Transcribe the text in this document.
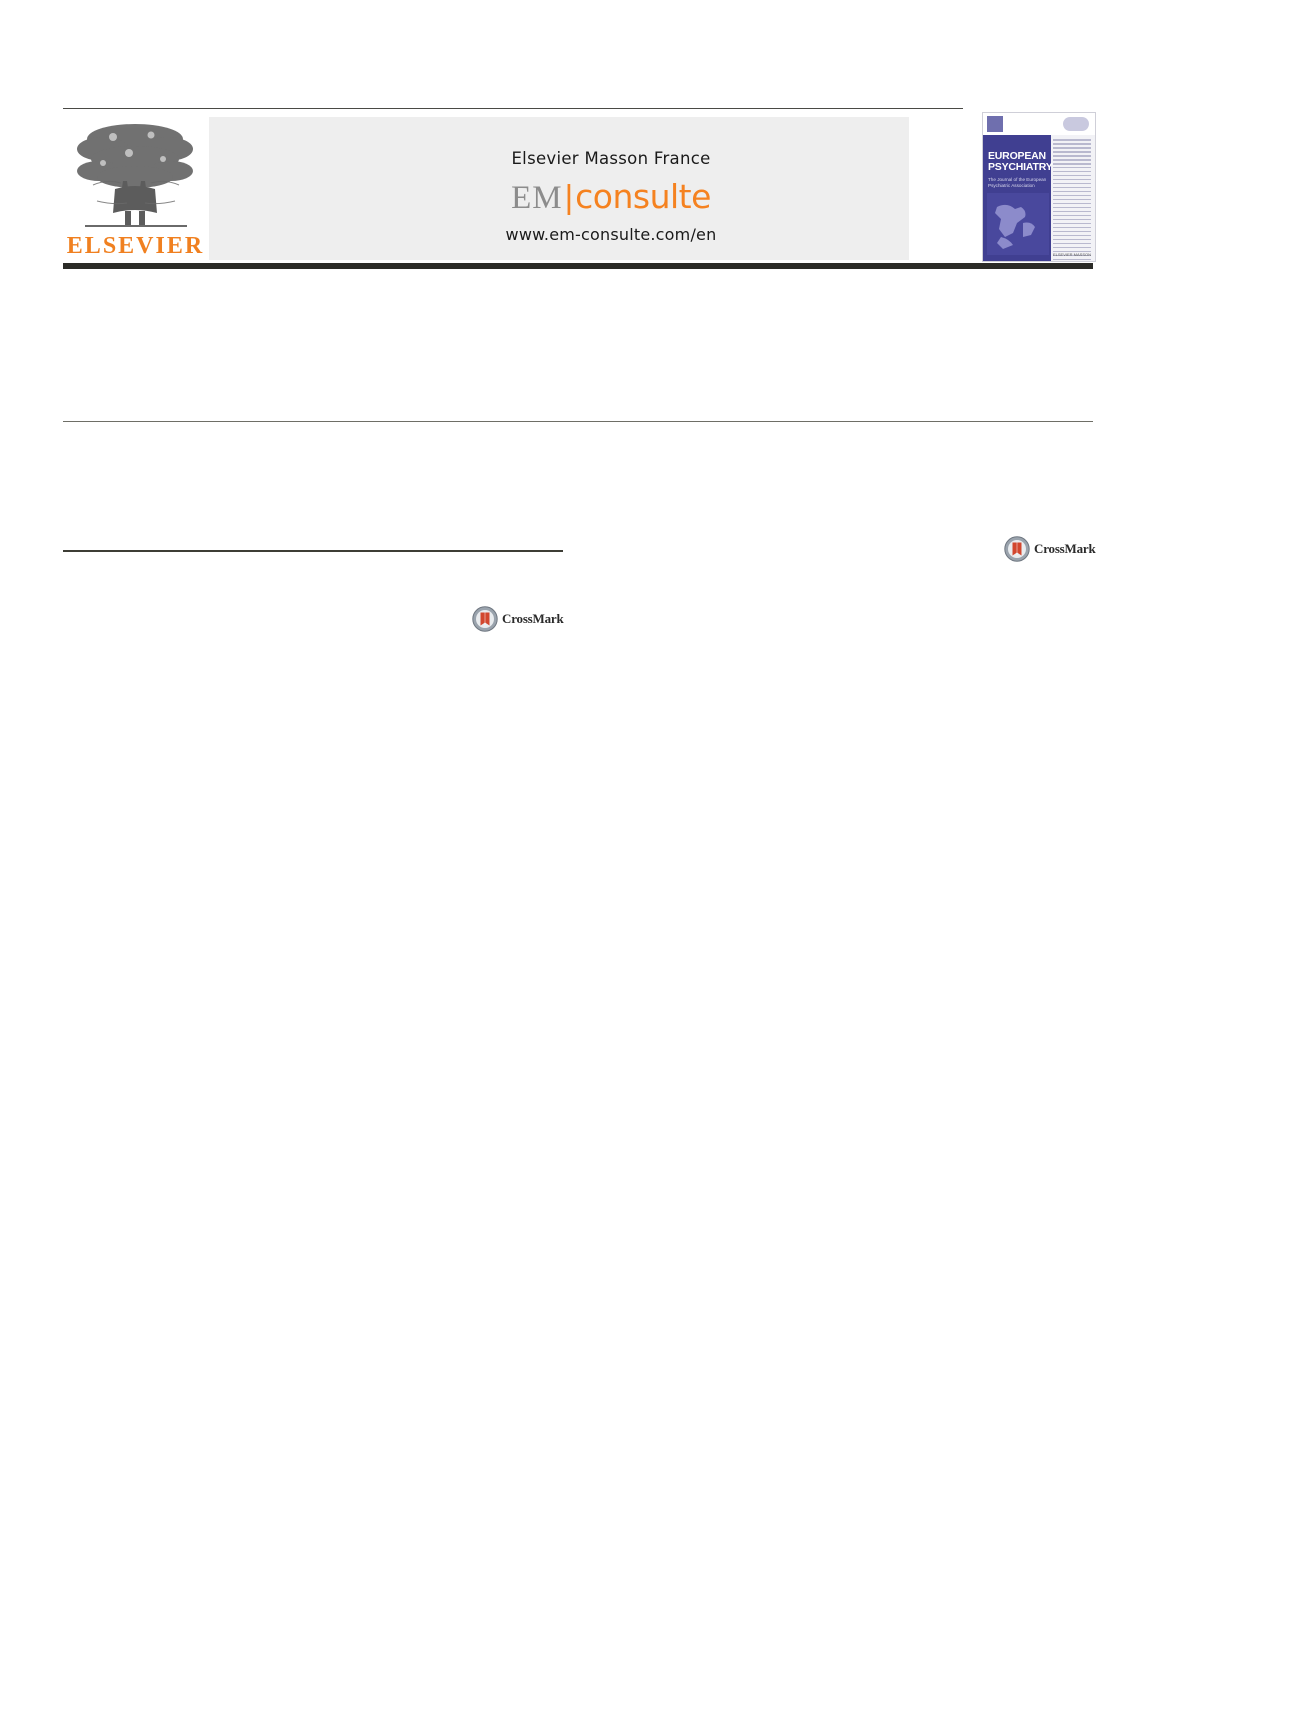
ELSEVIER
Elsevier Masson France
EM|consulte
www.em-consulte.com/en
EUROPEAN
PSYCHIATRY
The Journal of the European Psychiatric Association
ELSEVIER MASSON
CrossMark
CrossMark
